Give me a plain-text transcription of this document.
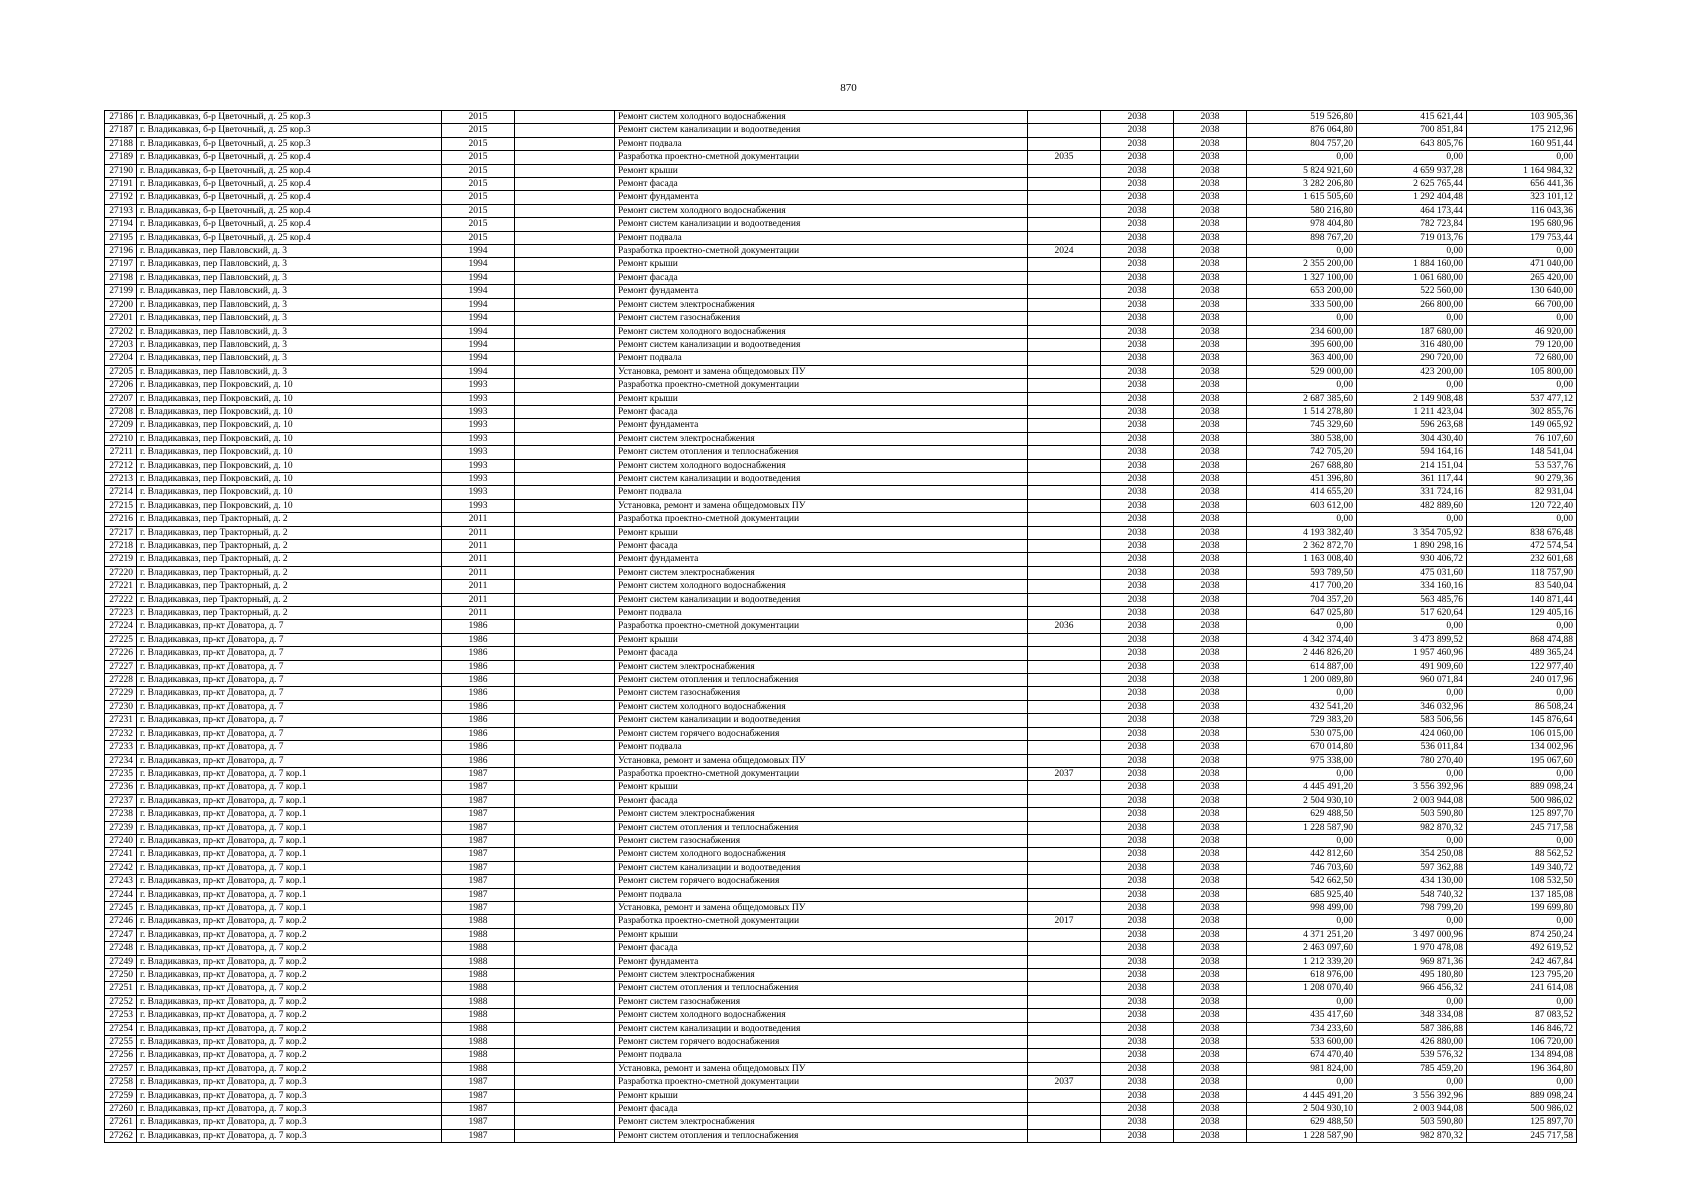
870
27186	г. Владикавказ, б-р Цветочный, д. 25 кор.3	2015		Ремонт систем холодного водоснабжения		2038	2038	519 526,80	415 621,44	103 905,36
27187	г. Владикавказ, б-р Цветочный, д. 25 кор.3	2015		Ремонт систем канализации и водоотведения		2038	2038	876 064,80	700 851,84	175 212,96
27188	г. Владикавказ, б-р Цветочный, д. 25 кор.3	2015		Ремонт подвала		2038	2038	804 757,20	643 805,76	160 951,44
27189	г. Владикавказ, б-р Цветочный, д. 25 кор.4	2015		Разработка проектно-сметной документации	2035	2038	2038	0,00	0,00	0,00
27190	г. Владикавказ, б-р Цветочный, д. 25 кор.4	2015		Ремонт крыши		2038	2038	5 824 921,60	4 659 937,28	1 164 984,32
27191	г. Владикавказ, б-р Цветочный, д. 25 кор.4	2015		Ремонт фасада		2038	2038	3 282 206,80	2 625 765,44	656 441,36
27192	г. Владикавказ, б-р Цветочный, д. 25 кор.4	2015		Ремонт фундамента		2038	2038	1 615 505,60	1 292 404,48	323 101,12
27193	г. Владикавказ, б-р Цветочный, д. 25 кор.4	2015		Ремонт систем холодного водоснабжения		2038	2038	580 216,80	464 173,44	116 043,36
27194	г. Владикавказ, б-р Цветочный, д. 25 кор.4	2015		Ремонт систем канализации и водоотведения		2038	2038	978 404,80	782 723,84	195 680,96
27195	г. Владикавказ, б-р Цветочный, д. 25 кор.4	2015		Ремонт подвала		2038	2038	898 767,20	719 013,76	179 753,44
27196	г. Владикавказ, пер Павловский, д. 3	1994		Разработка проектно-сметной документации	2024	2038	2038	0,00	0,00	0,00
27197	г. Владикавказ, пер Павловский, д. 3	1994		Ремонт крыши		2038	2038	2 355 200,00	1 884 160,00	471 040,00
27198	г. Владикавказ, пер Павловский, д. 3	1994		Ремонт фасада		2038	2038	1 327 100,00	1 061 680,00	265 420,00
27199	г. Владикавказ, пер Павловский, д. 3	1994		Ремонт фундамента		2038	2038	653 200,00	522 560,00	130 640,00
27200	г. Владикавказ, пер Павловский, д. 3	1994		Ремонт систем электроснабжения		2038	2038	333 500,00	266 800,00	66 700,00
27201	г. Владикавказ, пер Павловский, д. 3	1994		Ремонт систем газоснабжения		2038	2038	0,00	0,00	0,00
27202	г. Владикавказ, пер Павловский, д. 3	1994		Ремонт систем холодного водоснабжения		2038	2038	234 600,00	187 680,00	46 920,00
27203	г. Владикавказ, пер Павловский, д. 3	1994		Ремонт систем канализации и водоотведения		2038	2038	395 600,00	316 480,00	79 120,00
27204	г. Владикавказ, пер Павловский, д. 3	1994		Ремонт подвала		2038	2038	363 400,00	290 720,00	72 680,00
27205	г. Владикавказ, пер Павловский, д. 3	1994		Установка, ремонт и замена общедомовых ПУ		2038	2038	529 000,00	423 200,00	105 800,00
27206	г. Владикавказ, пер Покровский, д. 10	1993		Разработка проектно-сметной документации		2038	2038	0,00	0,00	0,00
27207	г. Владикавказ, пер Покровский, д. 10	1993		Ремонт крыши		2038	2038	2 687 385,60	2 149 908,48	537 477,12
27208	г. Владикавказ, пер Покровский, д. 10	1993		Ремонт фасада		2038	2038	1 514 278,80	1 211 423,04	302 855,76
27209	г. Владикавказ, пер Покровский, д. 10	1993		Ремонт фундамента		2038	2038	745 329,60	596 263,68	149 065,92
27210	г. Владикавказ, пер Покровский, д. 10	1993		Ремонт систем электроснабжения		2038	2038	380 538,00	304 430,40	76 107,60
27211	г. Владикавказ, пер Покровский, д. 10	1993		Ремонт систем отопления и теплоснабжения		2038	2038	742 705,20	594 164,16	148 541,04
27212	г. Владикавказ, пер Покровский, д. 10	1993		Ремонт систем холодного водоснабжения		2038	2038	267 688,80	214 151,04	53 537,76
27213	г. Владикавказ, пер Покровский, д. 10	1993		Ремонт систем канализации и водоотведения		2038	2038	451 396,80	361 117,44	90 279,36
27214	г. Владикавказ, пер Покровский, д. 10	1993		Ремонт подвала		2038	2038	414 655,20	331 724,16	82 931,04
27215	г. Владикавказ, пер Покровский, д. 10	1993		Установка, ремонт и замена общедомовых ПУ		2038	2038	603 612,00	482 889,60	120 722,40
27216	г. Владикавказ, пер Тракторный, д. 2	2011		Разработка проектно-сметной документации		2038	2038	0,00	0,00	0,00
27217	г. Владикавказ, пер Тракторный, д. 2	2011		Ремонт крыши		2038	2038	4 193 382,40	3 354 705,92	838 676,48
27218	г. Владикавказ, пер Тракторный, д. 2	2011		Ремонт фасада		2038	2038	2 362 872,70	1 890 298,16	472 574,54
27219	г. Владикавказ, пер Тракторный, д. 2	2011		Ремонт фундамента		2038	2038	1 163 008,40	930 406,72	232 601,68
27220	г. Владикавказ, пер Тракторный, д. 2	2011		Ремонт систем электроснабжения		2038	2038	593 789,50	475 031,60	118 757,90
27221	г. Владикавказ, пер Тракторный, д. 2	2011		Ремонт систем холодного водоснабжения		2038	2038	417 700,20	334 160,16	83 540,04
27222	г. Владикавказ, пер Тракторный, д. 2	2011		Ремонт систем канализации и водоотведения		2038	2038	704 357,20	563 485,76	140 871,44
27223	г. Владикавказ, пер Тракторный, д. 2	2011		Ремонт подвала		2038	2038	647 025,80	517 620,64	129 405,16
27224	г. Владикавказ, пр-кт Доватора, д. 7	1986		Разработка проектно-сметной документации	2036	2038	2038	0,00	0,00	0,00
27225	г. Владикавказ, пр-кт Доватора, д. 7	1986		Ремонт крыши		2038	2038	4 342 374,40	3 473 899,52	868 474,88
27226	г. Владикавказ, пр-кт Доватора, д. 7	1986		Ремонт фасада		2038	2038	2 446 826,20	1 957 460,96	489 365,24
27227	г. Владикавказ, пр-кт Доватора, д. 7	1986		Ремонт систем электроснабжения		2038	2038	614 887,00	491 909,60	122 977,40
27228	г. Владикавказ, пр-кт Доватора, д. 7	1986		Ремонт систем отопления и теплоснабжения		2038	2038	1 200 089,80	960 071,84	240 017,96
27229	г. Владикавказ, пр-кт Доватора, д. 7	1986		Ремонт систем газоснабжения		2038	2038	0,00	0,00	0,00
27230	г. Владикавказ, пр-кт Доватора, д. 7	1986		Ремонт систем холодного водоснабжения		2038	2038	432 541,20	346 032,96	86 508,24
27231	г. Владикавказ, пр-кт Доватора, д. 7	1986		Ремонт систем канализации и водоотведения		2038	2038	729 383,20	583 506,56	145 876,64
27232	г. Владикавказ, пр-кт Доватора, д. 7	1986		Ремонт систем горячего водоснабжения		2038	2038	530 075,00	424 060,00	106 015,00
27233	г. Владикавказ, пр-кт Доватора, д. 7	1986		Ремонт подвала		2038	2038	670 014,80	536 011,84	134 002,96
27234	г. Владикавказ, пр-кт Доватора, д. 7	1986		Установка, ремонт и замена общедомовых ПУ		2038	2038	975 338,00	780 270,40	195 067,60
27235	г. Владикавказ, пр-кт Доватора, д. 7 кор.1	1987		Разработка проектно-сметной документации	2037	2038	2038	0,00	0,00	0,00
27236	г. Владикавказ, пр-кт Доватора, д. 7 кор.1	1987		Ремонт крыши		2038	2038	4 445 491,20	3 556 392,96	889 098,24
27237	г. Владикавказ, пр-кт Доватора, д. 7 кор.1	1987		Ремонт фасада		2038	2038	2 504 930,10	2 003 944,08	500 986,02
27238	г. Владикавказ, пр-кт Доватора, д. 7 кор.1	1987		Ремонт систем электроснабжения		2038	2038	629 488,50	503 590,80	125 897,70
27239	г. Владикавказ, пр-кт Доватора, д. 7 кор.1	1987		Ремонт систем отопления и теплоснабжения		2038	2038	1 228 587,90	982 870,32	245 717,58
27240	г. Владикавказ, пр-кт Доватора, д. 7 кор.1	1987		Ремонт систем газоснабжения		2038	2038	0,00	0,00	0,00
27241	г. Владикавказ, пр-кт Доватора, д. 7 кор.1	1987		Ремонт систем холодного водоснабжения		2038	2038	442 812,60	354 250,08	88 562,52
27242	г. Владикавказ, пр-кт Доватора, д. 7 кор.1	1987		Ремонт систем канализации и водоотведения		2038	2038	746 703,60	597 362,88	149 340,72
27243	г. Владикавказ, пр-кт Доватора, д. 7 кор.1	1987		Ремонт систем горячего водоснабжения		2038	2038	542 662,50	434 130,00	108 532,50
27244	г. Владикавказ, пр-кт Доватора, д. 7 кор.1	1987		Ремонт подвала		2038	2038	685 925,40	548 740,32	137 185,08
27245	г. Владикавказ, пр-кт Доватора, д. 7 кор.1	1987		Установка, ремонт и замена общедомовых ПУ		2038	2038	998 499,00	798 799,20	199 699,80
27246	г. Владикавказ, пр-кт Доватора, д. 7 кор.2	1988		Разработка проектно-сметной документации	2017	2038	2038	0,00	0,00	0,00
27247	г. Владикавказ, пр-кт Доватора, д. 7 кор.2	1988		Ремонт крыши		2038	2038	4 371 251,20	3 497 000,96	874 250,24
27248	г. Владикавказ, пр-кт Доватора, д. 7 кор.2	1988		Ремонт фасада		2038	2038	2 463 097,60	1 970 478,08	492 619,52
27249	г. Владикавказ, пр-кт Доватора, д. 7 кор.2	1988		Ремонт фундамента		2038	2038	1 212 339,20	969 871,36	242 467,84
27250	г. Владикавказ, пр-кт Доватора, д. 7 кор.2	1988		Ремонт систем электроснабжения		2038	2038	618 976,00	495 180,80	123 795,20
27251	г. Владикавказ, пр-кт Доватора, д. 7 кор.2	1988		Ремонт систем отопления и теплоснабжения		2038	2038	1 208 070,40	966 456,32	241 614,08
27252	г. Владикавказ, пр-кт Доватора, д. 7 кор.2	1988		Ремонт систем газоснабжения		2038	2038	0,00	0,00	0,00
27253	г. Владикавказ, пр-кт Доватора, д. 7 кор.2	1988		Ремонт систем холодного водоснабжения		2038	2038	435 417,60	348 334,08	87 083,52
27254	г. Владикавказ, пр-кт Доватора, д. 7 кор.2	1988		Ремонт систем канализации и водоотведения		2038	2038	734 233,60	587 386,88	146 846,72
27255	г. Владикавказ, пр-кт Доватора, д. 7 кор.2	1988		Ремонт систем горячего водоснабжения		2038	2038	533 600,00	426 880,00	106 720,00
27256	г. Владикавказ, пр-кт Доватора, д. 7 кор.2	1988		Ремонт подвала		2038	2038	674 470,40	539 576,32	134 894,08
27257	г. Владикавказ, пр-кт Доватора, д. 7 кор.2	1988		Установка, ремонт и замена общедомовых ПУ		2038	2038	981 824,00	785 459,20	196 364,80
27258	г. Владикавказ, пр-кт Доватора, д. 7 кор.3	1987		Разработка проектно-сметной документации	2037	2038	2038	0,00	0,00	0,00
27259	г. Владикавказ, пр-кт Доватора, д. 7 кор.3	1987		Ремонт крыши		2038	2038	4 445 491,20	3 556 392,96	889 098,24
27260	г. Владикавказ, пр-кт Доватора, д. 7 кор.3	1987		Ремонт фасада		2038	2038	2 504 930,10	2 003 944,08	500 986,02
27261	г. Владикавказ, пр-кт Доватора, д. 7 кор.3	1987		Ремонт систем электроснабжения		2038	2038	629 488,50	503 590,80	125 897,70
27262	г. Владикавказ, пр-кт Доватора, д. 7 кор.3	1987		Ремонт систем отопления и теплоснабжения		2038	2038	1 228 587,90	982 870,32	245 717,58
